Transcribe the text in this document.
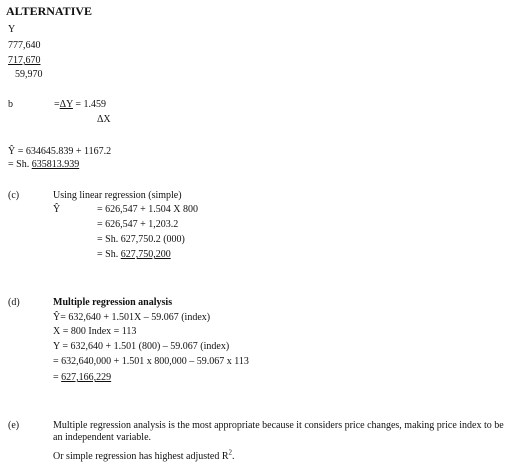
ALTERNATIVE
Y
777,640
717,670
59,970
b	=ΔY = 1.459
ΔX
Ŷ = 634645.839 + 1167.2
= Sh. 635813.939
(c)	Using linear regression (simple)
Ŷ	= 626,547 + 1.504 X 800
= 626,547 + 1,203.2
= Sh. 627,750.2 (000)
= Sh. 627,750,200
(d)	Multiple regression analysis
Ŷ= 632,640 + 1.501X – 59.067 (index)
X = 800 Index = 113
Y = 632,640 + 1.501 (800) – 59.067 (index)
= 632,640,000 + 1.501 x 800,000 – 59.067 x 113
= 627,166,229
(e)	Multiple regression analysis is the most appropriate because it considers price changes, making price index to be an independent variable.
Or simple regression has highest adjusted $R^2$.
